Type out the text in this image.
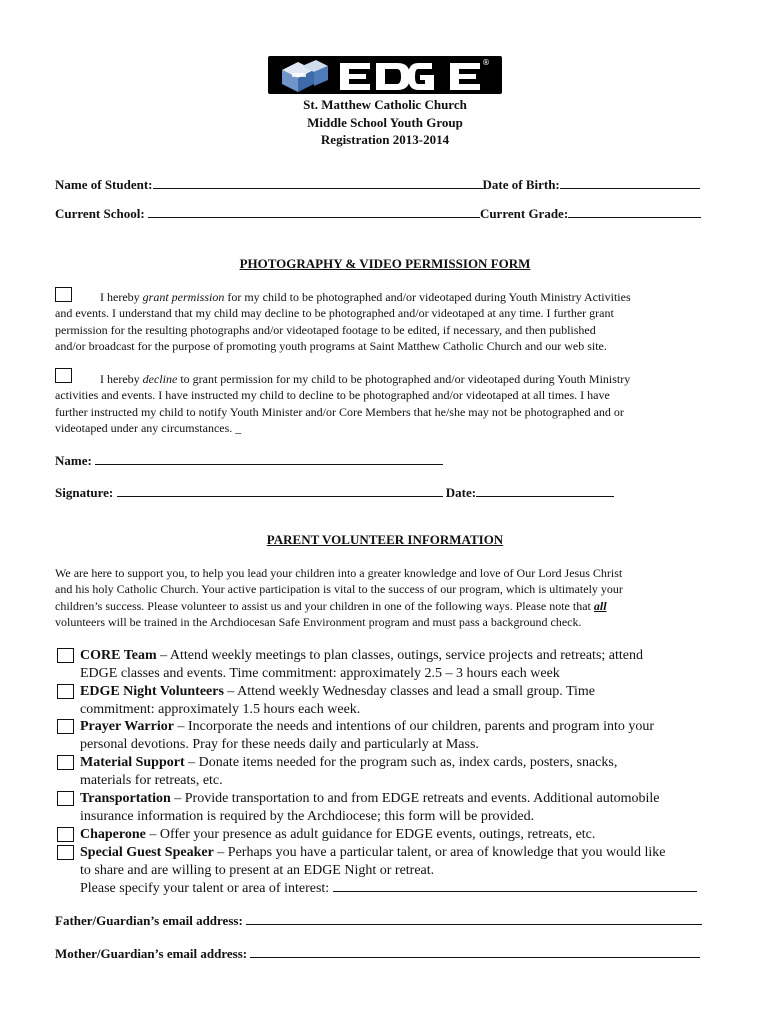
®
St. Matthew Catholic Church
Middle School Youth Group
Registration 2013-2014
Name of Student:	Date of Birth:
Current School:	Current Grade:
PHOTOGRAPHY & VIDEO PERMISSION FORM
I hereby grant permission for my child to be photographed and/or videotaped during Youth Ministry Activities
and events. I understand that my child may decline to be photographed and/or videotaped at any time. I further grant
permission for the resulting photographs and/or videotaped footage to be edited, if necessary, and then published
and/or broadcast for the purpose of promoting youth programs at Saint Matthew Catholic Church and our web site.
I hereby decline to grant permission for my child to be photographed and/or videotaped during Youth Ministry
activities and events. I have instructed my child to decline to be photographed and/or videotaped at all times. I have
further instructed my child to notify Youth Minister and/or Core Members that he/she may not be photographed and or
videotaped under any circumstances. _
Name:
Signature:	Date:
PARENT VOLUNTEER INFORMATION
We are here to support you, to help you lead your children into a greater knowledge and love of Our Lord Jesus Christ
and his holy Catholic Church. Your active participation is vital to the success of our program, which is ultimately your
children’s success. Please volunteer to assist us and your children in one of the following ways. Please note that all
volunteers will be trained in the Archdiocesan Safe Environment program and must pass a background check.
CORE Team – Attend weekly meetings to plan classes, outings, service projects and retreats; attend
EDGE classes and events. Time commitment: approximately 2.5 – 3 hours each week
EDGE Night Volunteers – Attend weekly Wednesday classes and lead a small group. Time
commitment: approximately 1.5 hours each week.
Prayer Warrior – Incorporate the needs and intentions of our children, parents and program into your
personal devotions. Pray for these needs daily and particularly at Mass.
Material Support – Donate items needed for the program such as, index cards, posters, snacks,
materials for retreats, etc.
Transportation – Provide transportation to and from EDGE retreats and events. Additional automobile
insurance information is required by the Archdiocese; this form will be provided.
Chaperone – Offer your presence as adult guidance for EDGE events, outings, retreats, etc.
Special Guest Speaker – Perhaps you have a particular talent, or area of knowledge that you would like
to share and are willing to present at an EDGE Night or retreat.
Please specify your talent or area of interest:
Father/Guardian’s email address:
Mother/Guardian’s email address:
